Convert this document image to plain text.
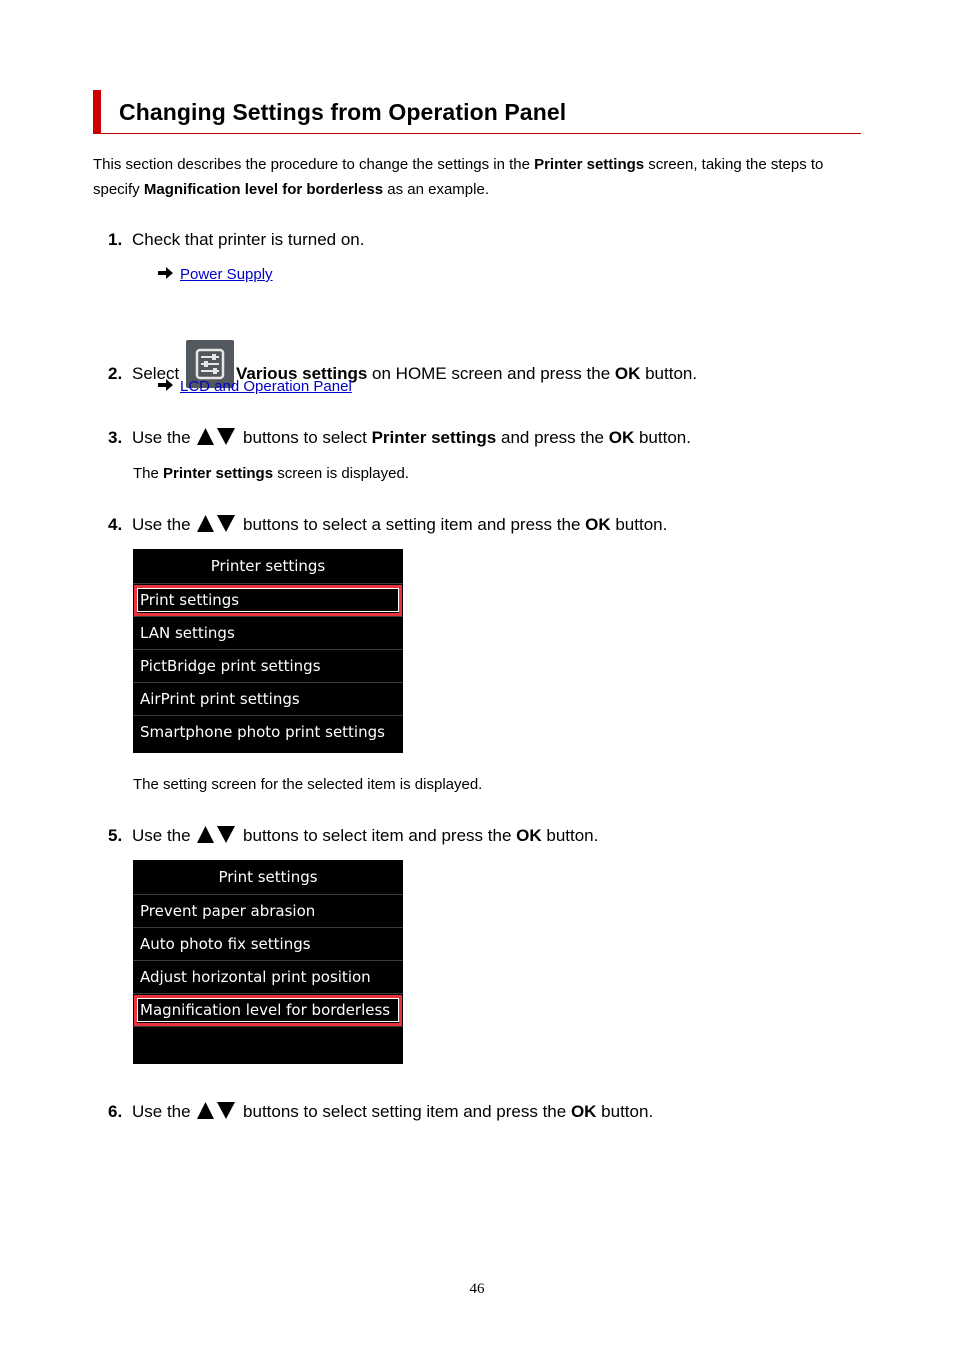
Changing Settings from Operation Panel

This section describes the procedure to change the settings in the Printer settings screen, taking the steps to specify Magnification level for borderless as an example.

1. Check that printer is turned on.
Power Supply
2. Select	Various settings on HOME screen and press the OK button.
LCD and Operation Panel
3. Use the	buttons to select Printer settings and press the OK button.
The Printer settings screen is displayed.
4. Use the	buttons to select a setting item and press the OK button.
Printer settings
Print settings
LAN settings
PictBridge print settings
AirPrint print settings
Smartphone photo print settings
The setting screen for the selected item is displayed.
5. Use the	buttons to select item and press the OK button.
Print settings
Prevent paper abrasion
Auto photo fix settings
Adjust horizontal print position
Magnification level for borderless
6. Use the	buttons to select setting item and press the OK button.
46
